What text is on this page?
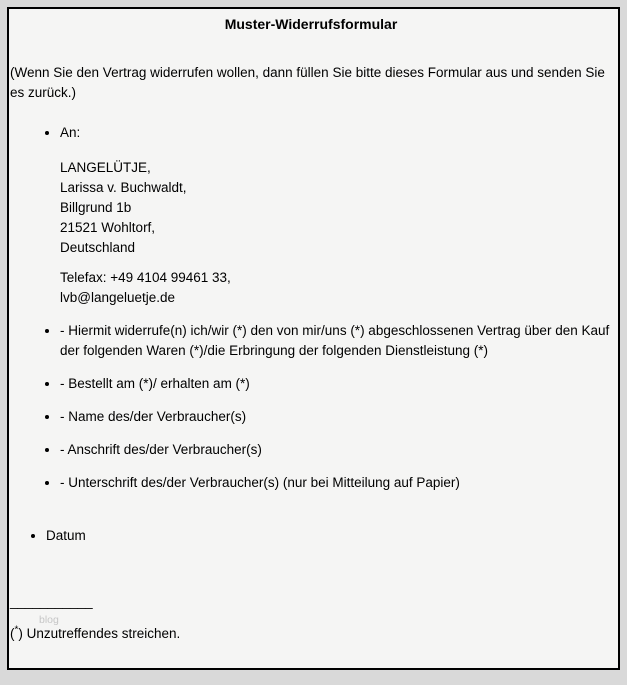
Muster-Widerrufsformular

(Wenn Sie den Vertrag widerrufen wollen, dann füllen Sie bitte dieses Formular aus und senden Sie es zurück.)

• An:
LANGELÜTJE,
Larissa v. Buchwaldt,
Billgrund 1b
21521 Wohltorf,
Deutschland
Telefax: +49 4104 99461 33,
lvb@langeluetje.de
• - Hiermit widerrufe(n) ich/wir (*) den von mir/uns (*) abgeschlossenen Vertrag über den Kauf der folgenden Waren (*)/die Erbringung der folgenden Dienstleistung (*)
• - Bestellt am (*)/ erhalten am (*)
• - Name des/der Verbraucher(s)
• - Anschrift des/der Verbraucher(s)
• - Unterschrift des/der Verbraucher(s) (nur bei Mitteilung auf Papier)
• Datum
___________
blog
(*) Unzutreffendes streichen.
